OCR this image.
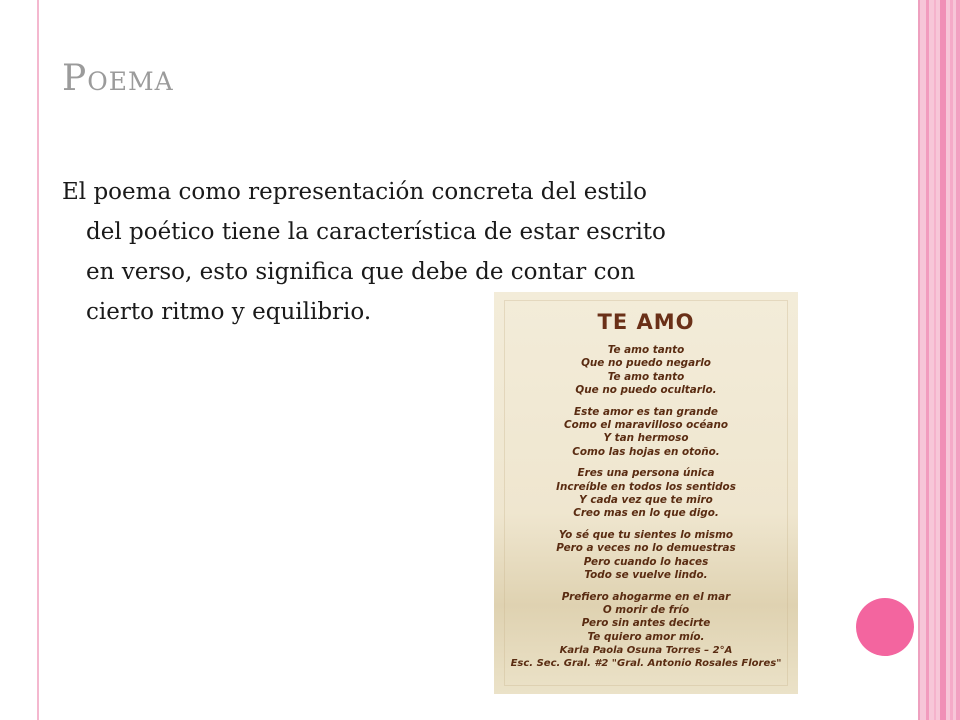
Poema
El poema como representación concreta del estilo
del poético tiene la característica de estar escrito
en verso, esto significa que debe de contar con
cierto ritmo y equilibrio.	TE AMO
Te amo tanto
Que no puedo negarlo
Te amo tanto
Que no puedo ocultarlo.
Este amor es tan grande
Como el maravilloso océano
Y tan hermoso
Como las hojas en otoño.
Eres una persona única
Increíble en todos los sentidos
Y cada vez que te miro
Creo mas en lo que digo.
Yo sé que tu sientes lo mismo
Pero a veces no lo demuestras
Pero cuando lo haces
Todo se vuelve lindo.
Prefiero ahogarme en el mar
O morir de frío
Pero sin antes decirte
Te quiero amor mío.
Karla Paola Osuna Torres – 2°A
Esc. Sec. Gral. #2 "Gral. Antonio Rosales Flores"
